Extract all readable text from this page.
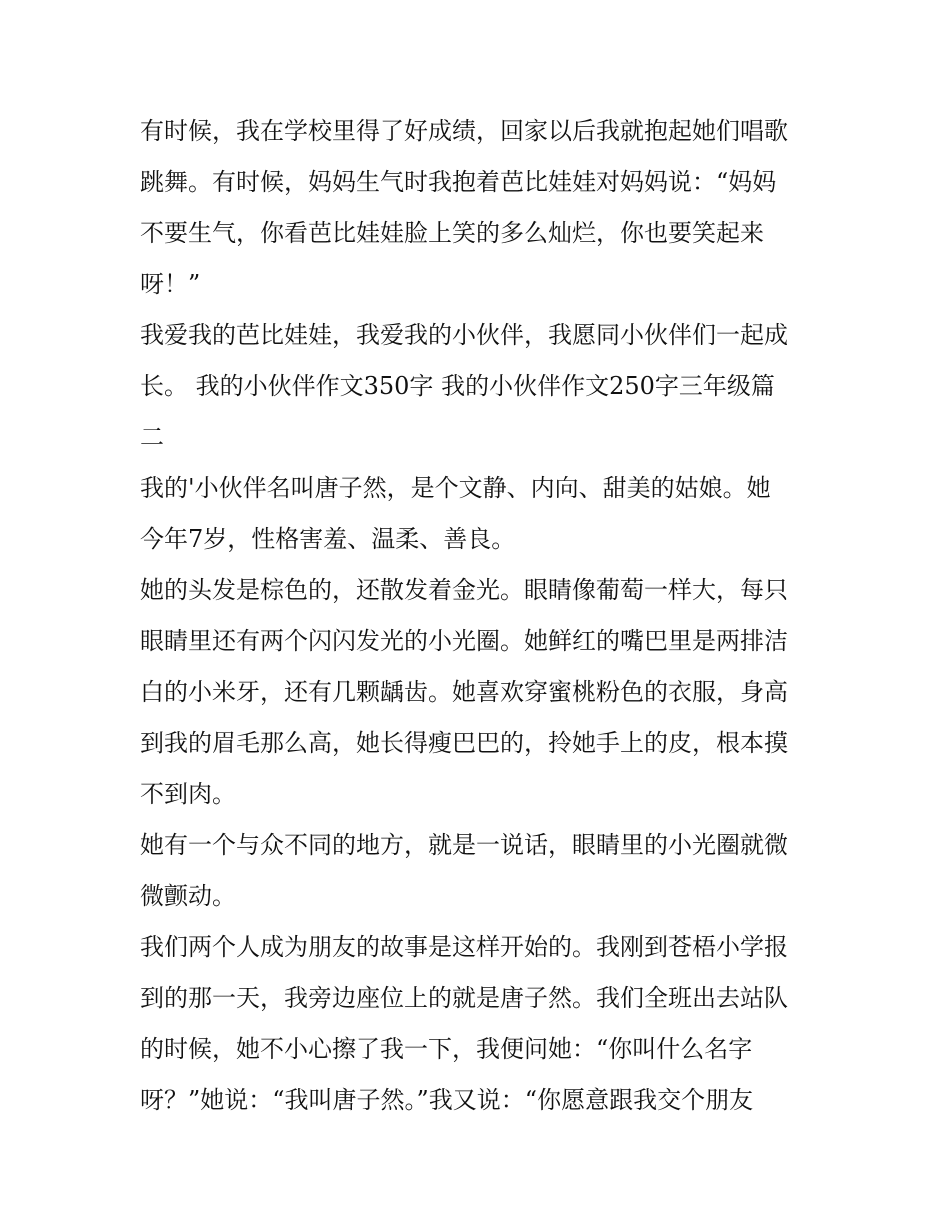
有时候，我在学校里得了好成绩，回家以后我就抱起她们唱歌
跳舞。有时候，妈妈生气时我抱着芭比娃娃对妈妈说：“妈妈
不要生气，你看芭比娃娃脸上笑的多么灿烂，你也要笑起来
呀！”
我爱我的芭比娃娃，我爱我的小伙伴，我愿同小伙伴们一起成
长。 我的小伙伴作文350字 我的小伙伴作文250字三年级篇
二
我的'小伙伴名叫唐子然，是个文静、内向、甜美的姑娘。她
今年7岁，性格害羞、温柔、善良。
她的头发是棕色的，还散发着金光。眼睛像葡萄一样大，每只
眼睛里还有两个闪闪发光的小光圈。她鲜红的嘴巴里是两排洁
白的小米牙，还有几颗龋齿。她喜欢穿蜜桃粉色的衣服，身高
到我的眉毛那么高，她长得瘦巴巴的，拎她手上的皮，根本摸
不到肉。
她有一个与众不同的地方，就是一说话，眼睛里的小光圈就微
微颤动。
我们两个人成为朋友的故事是这样开始的。我刚到苍梧小学报
到的那一天，我旁边座位上的就是唐子然。我们全班出去站队
的时候，她不小心擦了我一下，我便问她：“你叫什么名字
呀？”她说：“我叫唐子然。”我又说：“你愿意跟我交个朋友
